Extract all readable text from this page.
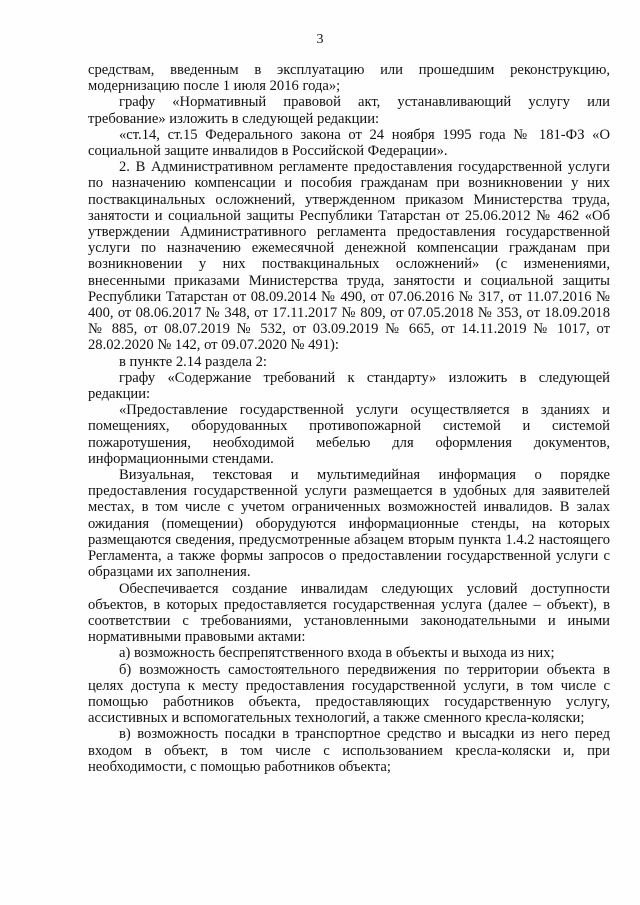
3

средствам, введенным в эксплуатацию или прошедшим реконструкцию, модернизацию после 1 июля 2016 года»;

графу «Нормативный правовой акт, устанавливающий услугу или требование» изложить в следующей редакции:

«ст.14, ст.15 Федерального закона от 24 ноября 1995 года № 181-ФЗ «О социальной защите инвалидов в Российской Федерации».

2. В Административном регламенте предоставления государственной услуги по назначению компенсации и пособия гражданам при возникновении у них поствакцинальных осложнений, утвержденном приказом Министерства труда, занятости и социальной защиты Республики Татарстан от 25.06.2012 № 462 «Об утверждении Административного регламента предоставления государственной услуги по назначению ежемесячной денежной компенсации гражданам при возникновении у них поствакцинальных осложнений» (с изменениями, внесенными приказами Министерства труда, занятости и социальной защиты Республики Татарстан от 08.09.2014 № 490, от 07.06.2016 № 317, от 11.07.2016 № 400, от 08.06.2017 № 348, от 17.11.2017 № 809, от 07.05.2018 № 353, от 18.09.2018 № 885, от 08.07.2019 № 532, от 03.09.2019 № 665, от 14.11.2019 № 1017, от 28.02.2020 № 142, от 09.07.2020 № 491):

в пункте 2.14 раздела 2:

графу «Содержание требований к стандарту» изложить в следующей редакции:

«Предоставление государственной услуги осуществляется в зданиях и помещениях, оборудованных противопожарной системой и системой пожаротушения, необходимой мебелью для оформления документов, информационными стендами.

Визуальная, текстовая и мультимедийная информация о порядке предоставления государственной услуги размещается в удобных для заявителей местах, в том числе с учетом ограниченных возможностей инвалидов. В залах ожидания (помещении) оборудуются информационные стенды, на которых размещаются сведения, предусмотренные абзацем вторым пункта 1.4.2 настоящего Регламента, а также формы запросов о предоставлении государственной услуги с образцами их заполнения.

Обеспечивается создание инвалидам следующих условий доступности объектов, в которых предоставляется государственная услуга (далее – объект), в соответствии с требованиями, установленными законодательными и иными нормативными правовыми актами:

а) возможность беспрепятственного входа в объекты и выхода из них;

б) возможность самостоятельного передвижения по территории объекта в целях доступа к месту предоставления государственной услуги, в том числе с помощью работников объекта, предоставляющих государственную услугу, ассистивных и вспомогательных технологий, а также сменного кресла-коляски;

в) возможность посадки в транспортное средство и высадки из него перед входом в объект, в том числе с использованием кресла-коляски и, при необходимости, с помощью работников объекта;
